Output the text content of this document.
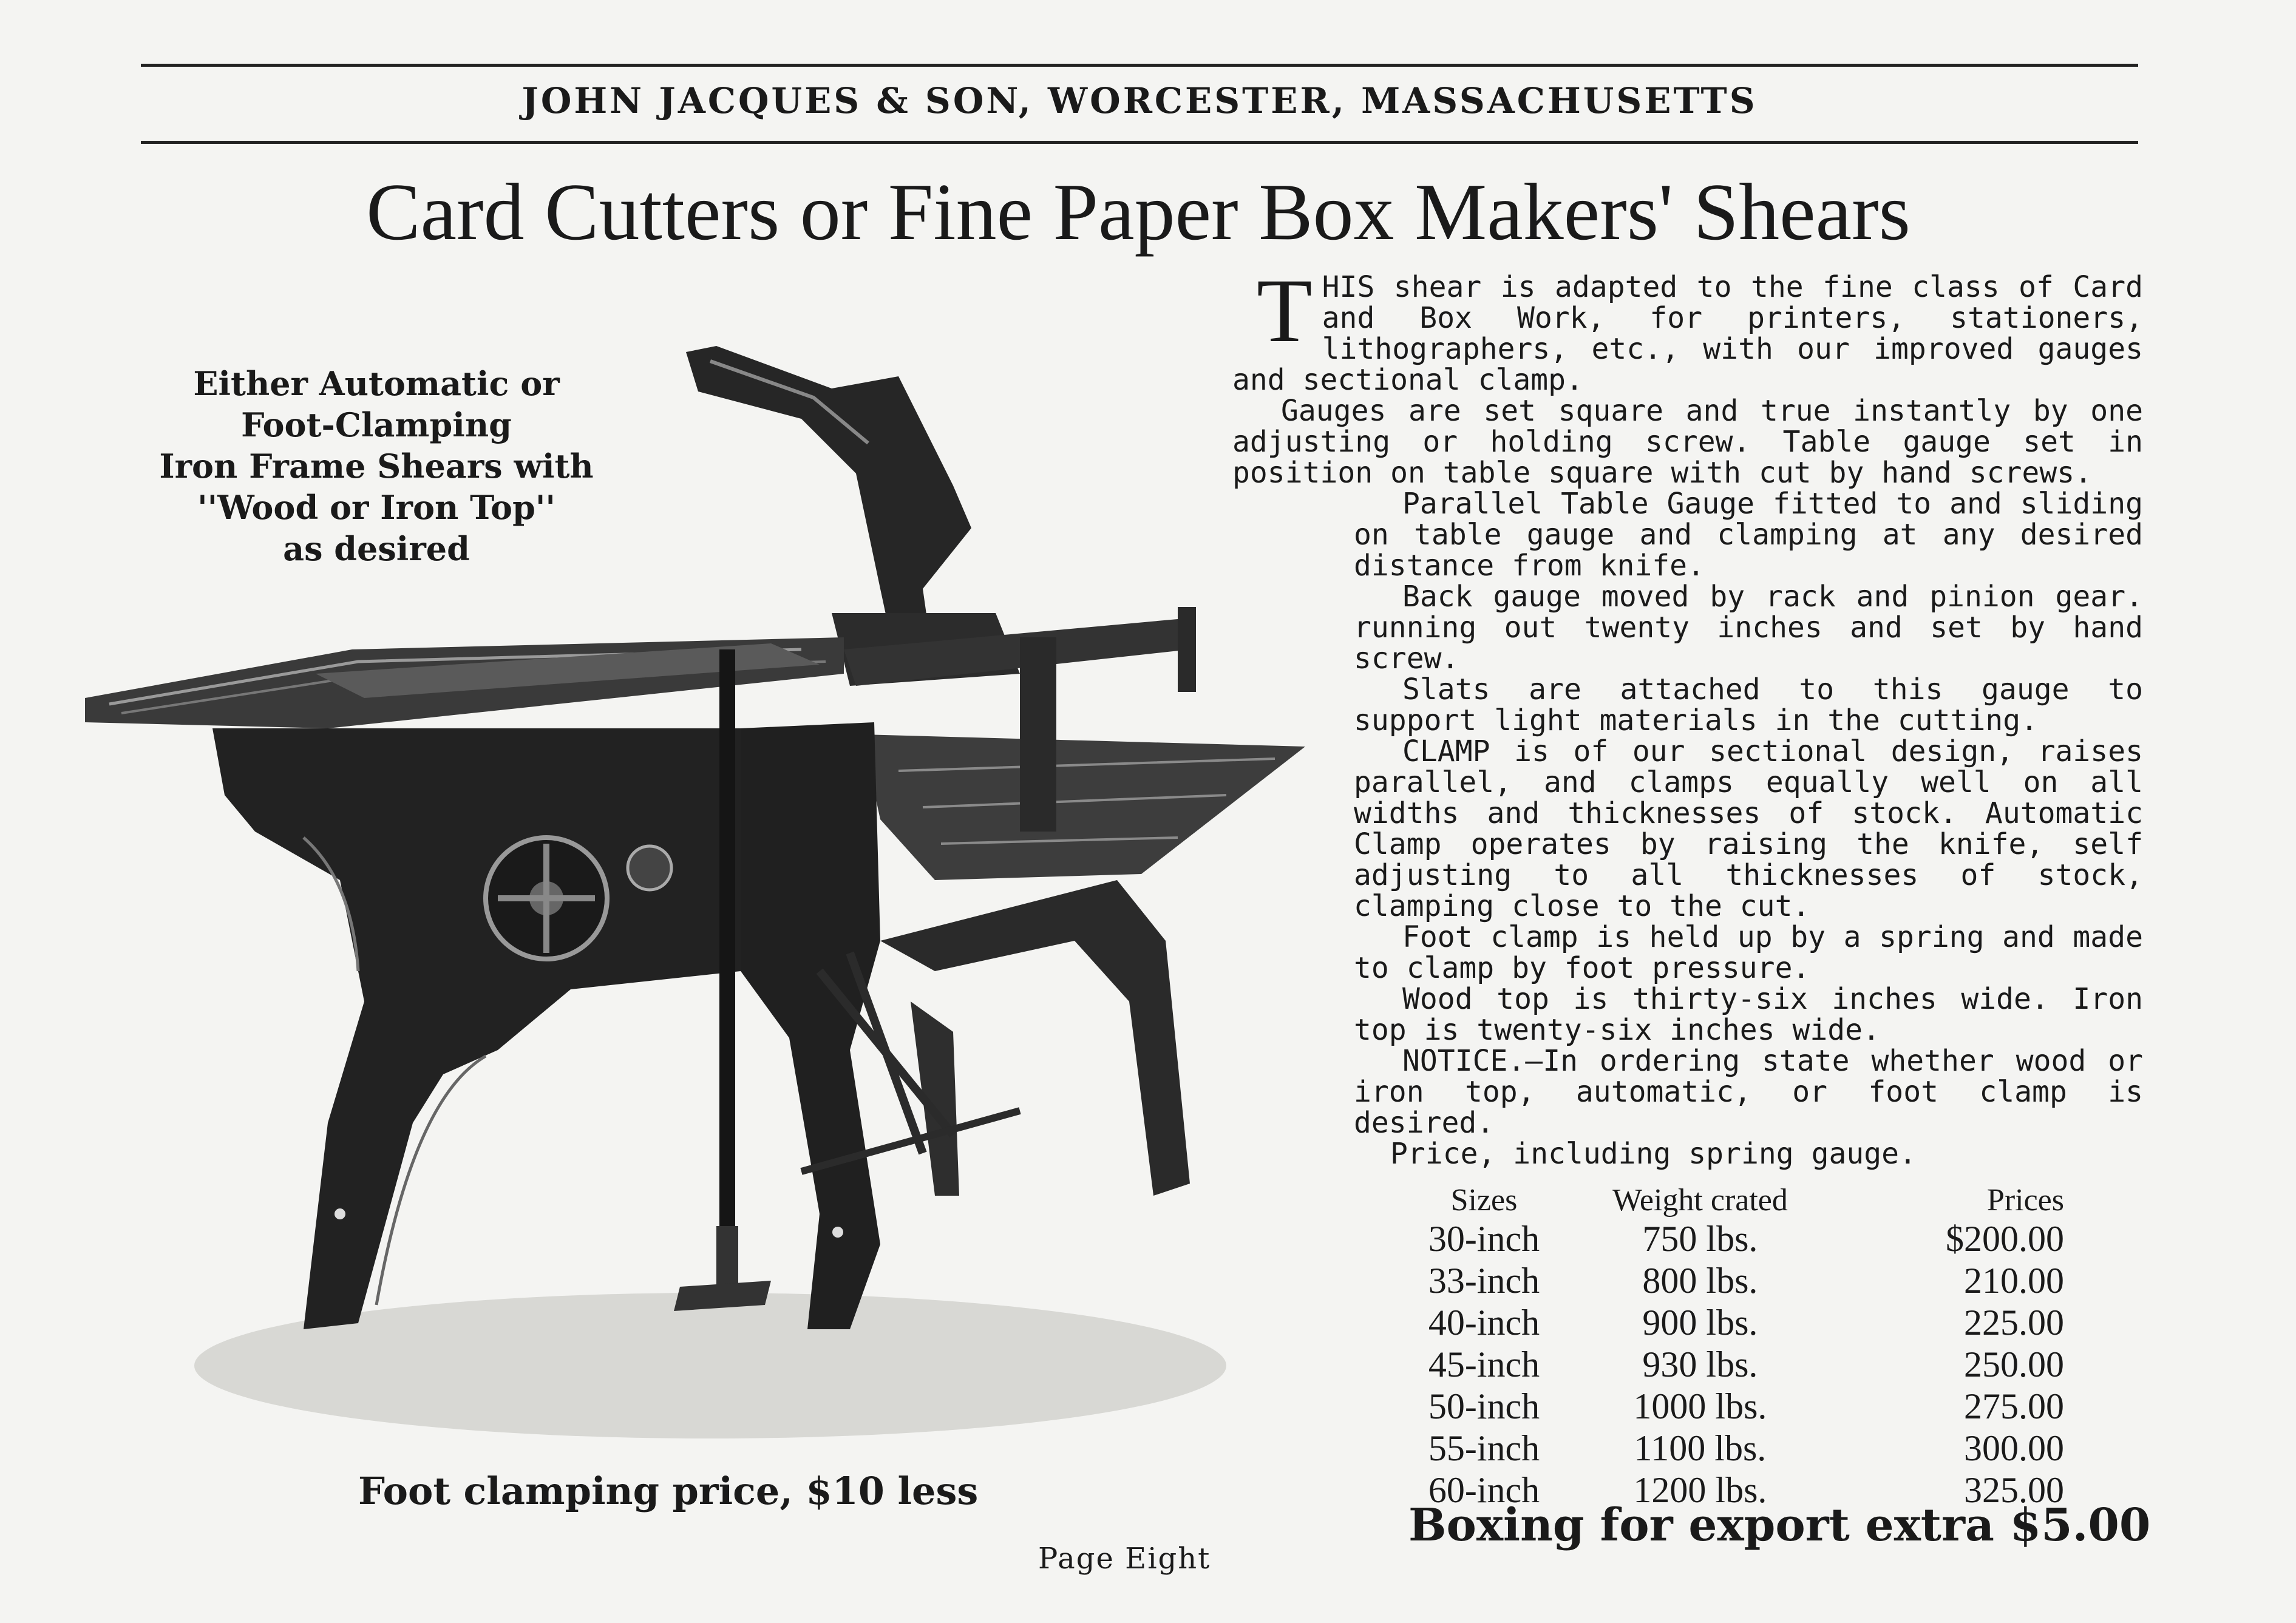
JOHN JACQUES & SON, WORCESTER, MASSACHUSETTS
Card Cutters or Fine Paper Box Makers' Shears
Either Automatic or
Foot-Clamping
Iron Frame Shears with
''Wood or Iron Top''
as desired
T HIS shear is adapted to the fine class of Card and Box Work, for printers, stationers, lithographers, etc., with our improved gauges and sectional clamp.

Gauges are set square and true instantly by one adjusting or holding screw. Table gauge set in position on table square with cut by hand screws.

Parallel Table Gauge fitted to and sliding on table gauge and clamping at any desired distance from knife.

Back gauge moved by rack and pinion gear. running out twenty inches and set by hand screw.

Slats are attached to this gauge to support light materials in the cutting.

CLAMP is of our sectional design, raises parallel, and clamps equally well on all widths and thicknesses of stock. Automatic Clamp operates by raising the knife, self adjusting to all thicknesses of stock, clamping close to the cut.

Foot clamp is held up by a spring and made to clamp by foot pressure.

Wood top is thirty-six inches wide. Iron top is twenty-six inches wide.

NOTICE.—In ordering state whether wood or iron top, automatic, or foot clamp is desired.

Price, including spring gauge.

Sizes	Weight crated	Prices
30-inch	750 lbs.	$200.00
33-inch	800 lbs.	210.00
40-inch	900 lbs.	225.00
45-inch	930 lbs.	250.00
50-inch	1000 lbs.	275.00
55-inch	1100 lbs.	300.00
60-inch	1200 lbs.	325.00
Boxing for export extra $5.00
Foot clamping price, $10 less
Page Eight
